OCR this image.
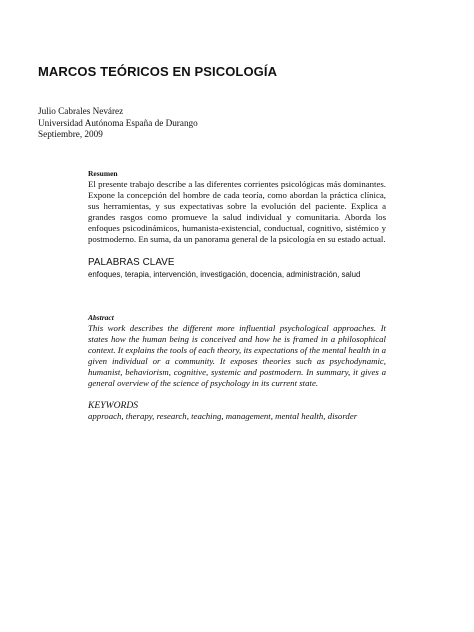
MARCOS TEÓRICOS EN PSICOLOGÍA
Julio Cabrales Nevárez
Universidad Autónoma España de Durango
Septiembre, 2009

Resumen

El presente trabajo describe a las diferentes corrientes psicológicas más dominantes. Expone la concepción del hombre de cada teoría, como abordan la práctica clínica, sus herramientas, y sus expectativas sobre la evolución del paciente. Explica a grandes rasgos como promueve la salud individual y comunitaria. Aborda los enfoques psicodinámicos, humanista-existencial, conductual, cognitivo, sistémico y postmoderno. En suma, da un panorama general de la psicología en su estado actual.

PALABRAS CLAVE

enfoques, terapia, intervención, investigación, docencia, administración, salud

Abstract

This work describes the different more influential psychological approaches. It states how the human being is conceived and how he is framed in a philosophical context. It explains the tools of each theory, its expectations of the mental health in a given individual or a community. It exposes theories such as psychodynamic, humanist, behaviorism, cognitive, systemic and postmodern. In summary, it gives a general overview of the science of psychology in its current state.

KEYWORDS

approach, therapy, research, teaching, management, mental health, disorder
